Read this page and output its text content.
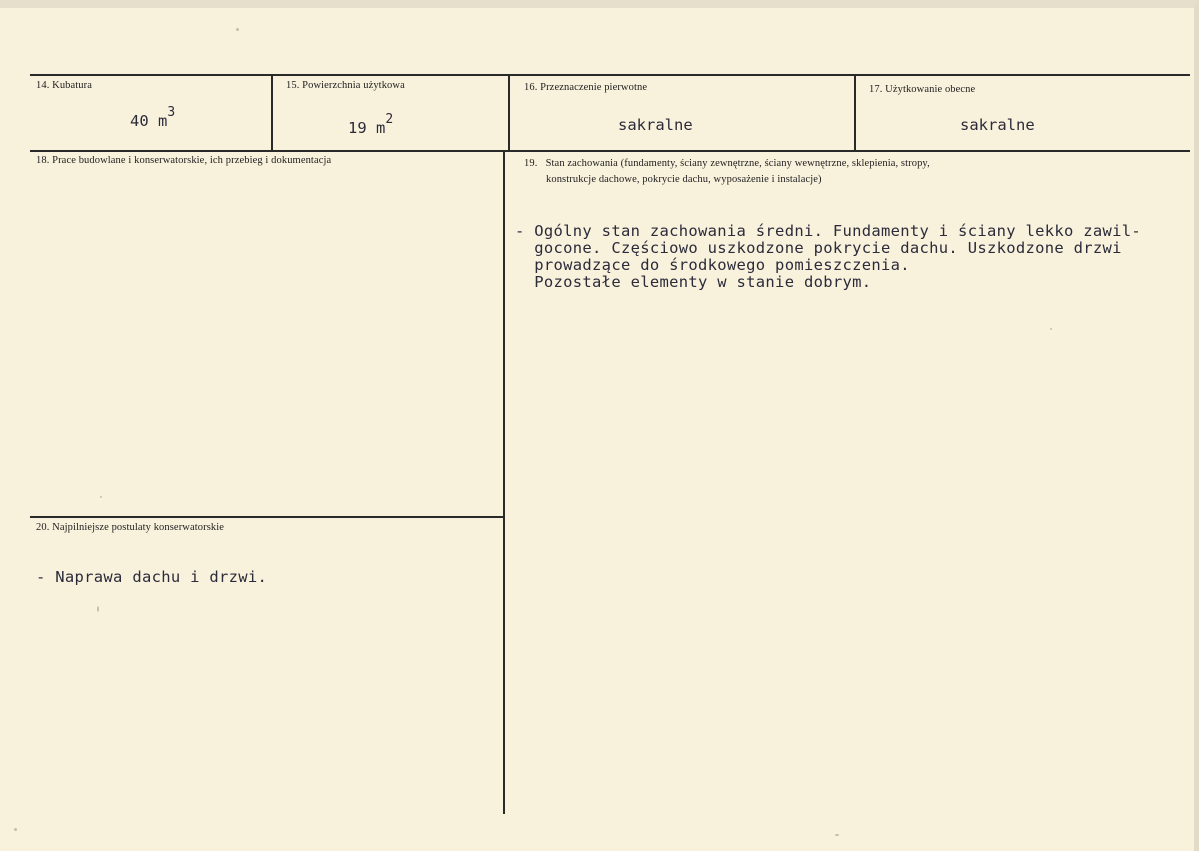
14. Kubatura
40 $m^3$
15. Powierzchnia użytkowa
19 $m^2$
16. Przeznaczenie pierwotne
sakralne
17. Użytkowanie obecne
sakralne
18. Prace budowlane i konserwatorskie, ich przebieg i dokumentacja	19.   Stan zachowania (fundamenty, ściany zewnętrzne, ściany wewnętrzne, sklepienia, stropy,
konstrukcje dachowe, pokrycie dachu, wyposażenie i instalacje)
- Ogólny stan zachowania średni. Fundamenty i ściany lekko zawil-
gocone. Częściowo uszkodzone pokrycie dachu. Uszkodzone drzwi
prowadzące do środkowego pomieszczenia.
Pozostałe elementy w stanie dobrym.
20. Najpilniejsze postulaty konserwatorskie
- Naprawa dachu i drzwi.
